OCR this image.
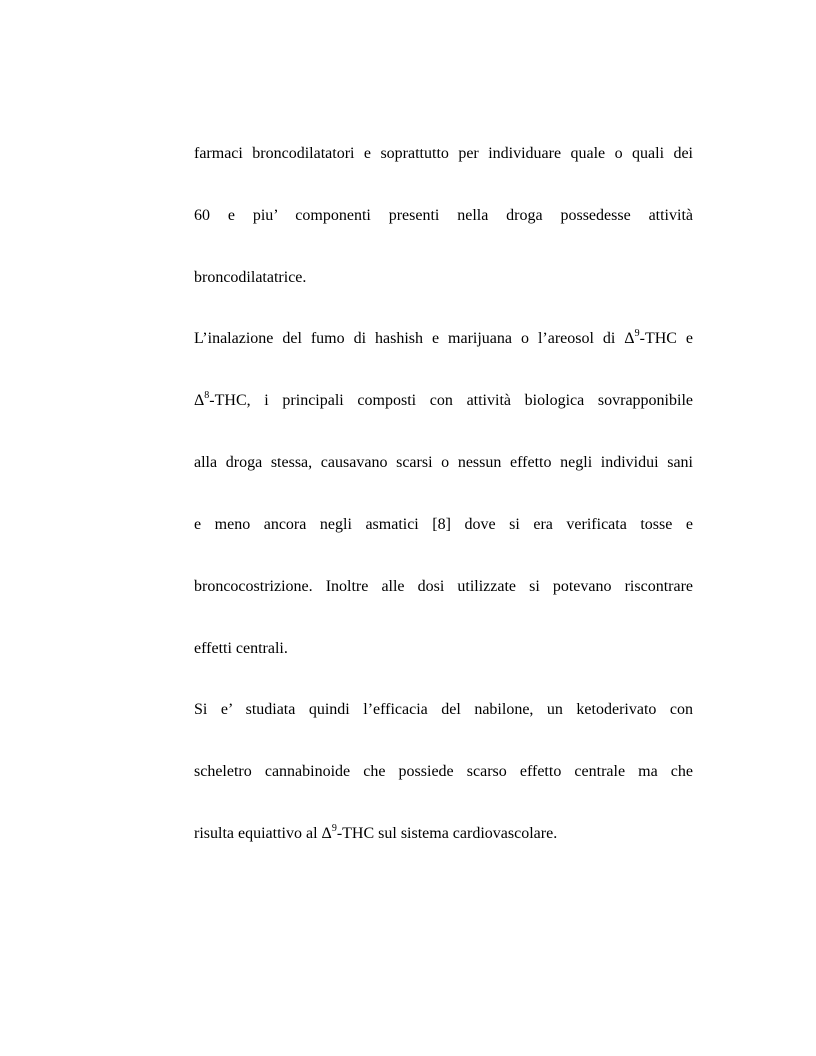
farmaci broncodilatatori e soprattutto per individuare quale o quali dei
60 e piu’ componenti presenti nella droga possedesse attività
broncodilatatrice.
L’inalazione del fumo di hashish e marijuana o l’areosol di $\Delta^9$-THC e
$\Delta^8$-THC, i principali composti con attività biologica sovrapponibile
alla droga stessa, causavano scarsi o nessun effetto negli individui sani
e meno ancora negli asmatici [8] dove si era verificata tosse e
broncocostrizione. Inoltre alle dosi utilizzate si potevano riscontrare
effetti centrali.
Si e’ studiata quindi l’efficacia del nabilone, un ketoderivato con
scheletro cannabinoide che possiede scarso effetto centrale ma che
risulta equiattivo al $\Delta^9$-THC sul sistema cardiovascolare.
